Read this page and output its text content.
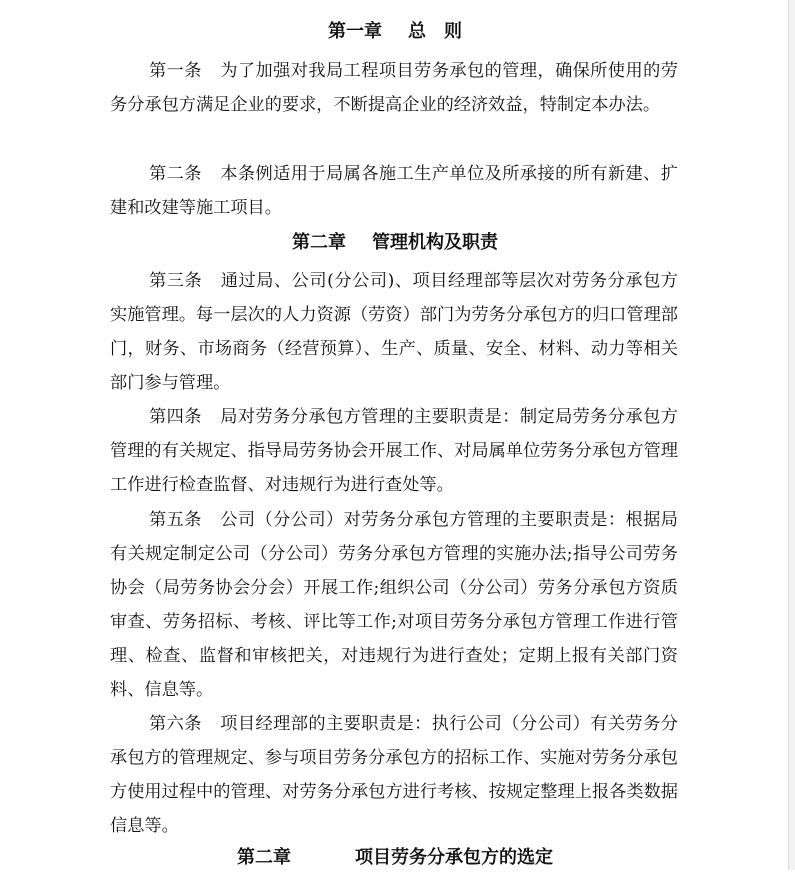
第一章 总　则

第一条 为了加强对我局工程项目劳务承包的管理，确保所使用的劳务分承包方满足企业的要求，不断提高企业的经济效益，特制定本办法。

第二条 本条例适用于局属各施工生产单位及所承接的所有新建、扩建和改建等施工项目。

第二章 管理机构及职责

第三条 通过局、公司(分公司)、项目经理部等层次对劳务分承包方实施管理。每一层次的人力资源（劳资）部门为劳务分承包方的归口管理部门，财务、市场商务（经营预算）、生产、质量、安全、材料、动力等相关部门参与管理。

第四条 局对劳务分承包方管理的主要职责是：制定局劳务分承包方管理的有关规定、指导局劳务协会开展工作、对局属单位劳务分承包方管理工作进行检查监督、对违规行为进行查处等。

第五条 公司（分公司）对劳务分承包方管理的主要职责是：根据局有关规定制定公司（分公司）劳务分承包方管理的实施办法;指导公司劳务协会（局劳务协会分会）开展工作;组织公司（分公司）劳务分承包方资质审查、劳务招标、考核、评比等工作;对项目劳务分承包方管理工作进行管理、检查、监督和审核把关，对违规行为进行查处；定期上报有关部门资料、信息等。

第六条 项目经理部的主要职责是：执行公司（分公司）有关劳务分承包方的管理规定、参与项目劳务分承包方的招标工作、实施对劳务分承包方使用过程中的管理、对劳务分承包方进行考核、按规定整理上报各类数据信息等。

第二章	项目劳务分承包方的选定
